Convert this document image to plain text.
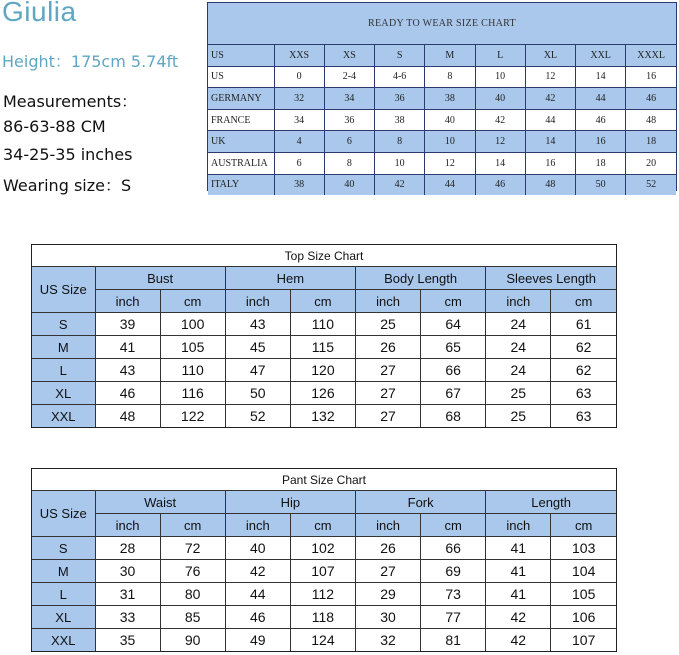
Giulia
Height：175cm 5.74ft
Measurements：
86-63-88 CM
34-25-35 inches
Wearing size：S
READY TO WEAR SIZE CHART
US	XXS	XS	S	M	L	XL	XXL	XXXL
US	0	2-4	4-6	8	10	12	14	16
GERMANY	32	34	36	38	40	42	44	46
FRANCE	34	36	38	40	42	44	46	48
UK	4	6	8	10	12	14	16	18
AUSTRALIA	6	8	10	12	14	16	18	20
ITALY	38	40	42	44	46	48	50	52
Top Size Chart								
US Size	Bust		Hem		Body Length		Sleeves Length	
	inch	cm	inch	cm	inch	cm	inch	cm
S	39	100	43	110	25	64	24	61
M	41	105	45	115	26	65	24	62
L	43	110	47	120	27	66	24	62
XL	46	116	50	126	27	67	25	63
XXL	48	122	52	132	27	68	25	63
Pant Size Chart								
US Size	Waist		Hip		Fork		Length	
	inch	cm	inch	cm	inch	cm	inch	cm
S	28	72	40	102	26	66	41	103
M	30	76	42	107	27	69	41	104
L	31	80	44	112	29	73	41	105
XL	33	85	46	118	30	77	42	106
XXL	35	90	49	124	32	81	42	107
